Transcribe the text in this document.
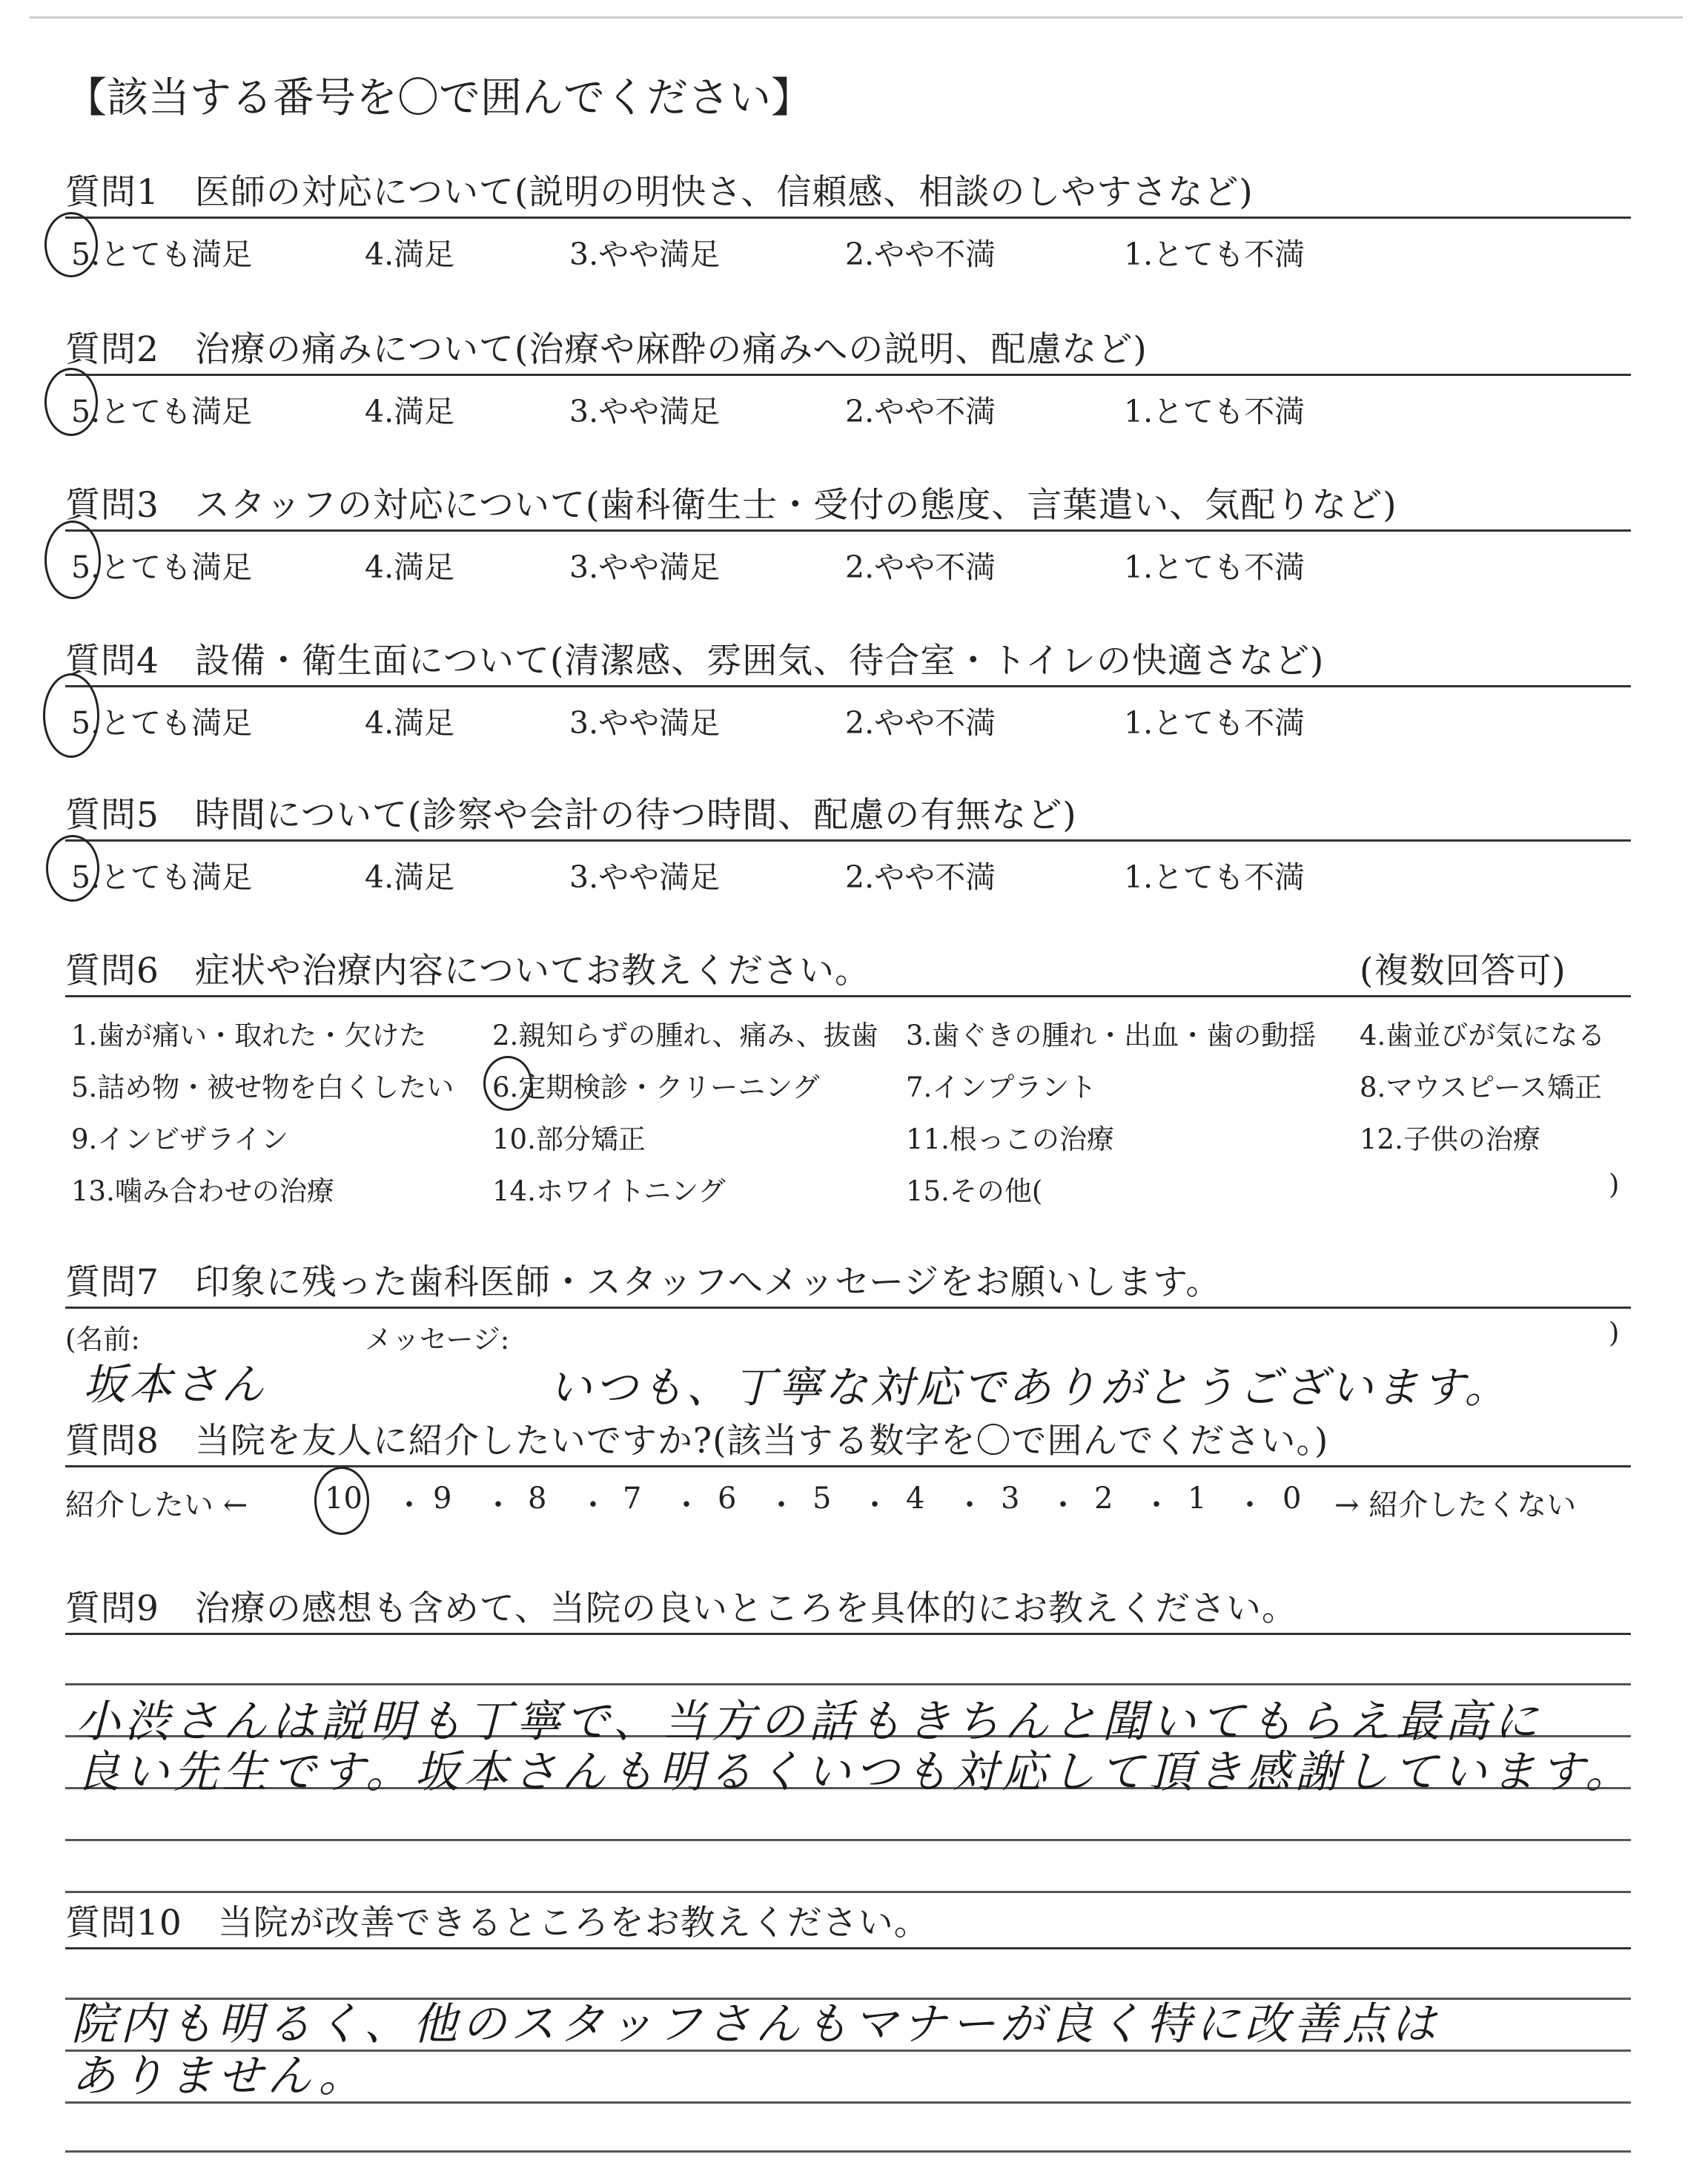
【該当する番号を〇で囲んでください】
質問1　 医師の対応について(説明の明快さ、信頼感、相談のしやすさなど)
5.とても満足	4.満足	3.やや満足	2.やや不満	1.とても不満
質問2　 治療の痛みについて(治療や麻酔の痛みへの説明、配慮など)
5.とても満足	4.満足	3.やや満足	2.やや不満	1.とても不満
質問3　 スタッフの対応について(歯科衛生士・受付の態度、言葉遣い、気配りなど)
5.とても満足	4.満足	3.やや満足	2.やや不満	1.とても不満
質問4　 設備・衛生面について(清潔感、雰囲気、待合室・トイレの快適さなど)
5.とても満足	4.満足	3.やや満足	2.やや不満	1.とても不満
質問5　 時間について(診察や会計の待つ時間、配慮の有無など)
5.とても満足	4.満足	3.やや満足	2.やや不満	1.とても不満
質問6　 症状や治療内容についてお教えください。	(複数回答可)
1.歯が痛い・取れた・欠けた 2.親知らずの腫れ、痛み、抜歯 3.歯ぐきの腫れ・出血・歯の動揺 4.歯並びが気になる
5.詰め物・被せ物を白くしたい 6.定期検診・クリーニング	7.インプラント	8.マウスピース矯正
9.インビザライン	10.部分矯正	11.根っこの治療	12.子供の治療
13.噛み合わせの治療	14.ホワイトニング	15.その他(	)
質問7　 印象に残った歯科医師・スタッフへメッセージをお願いします。
(名前:	メッセージ:	)
坂本さん	いつも、丁寧な対応でありがとうございます。
質問8　 当院を友人に紹介したいですか?(該当する数字を〇で囲んでください。)
紹介したい ←	10 ・ 9 ・ 8 ・ 7 ・ 6 ・ 5 ・ 4 ・ 3 ・ 2 ・ 1 ・ 0 → 紹介したくない
質問9　 治療の感想も含めて、当院の良いところを具体的にお教えください。
小渋さんは説明も丁寧で、当方の話もきちんと聞いてもらえ最高に
良い先生です。坂本さんも明るくいつも対応して頂き感謝しています。
質問10　 当院が改善できるところをお教えください。
院内も明るく、他のスタッフさんもマナーが良く特に改善点は
ありません。
